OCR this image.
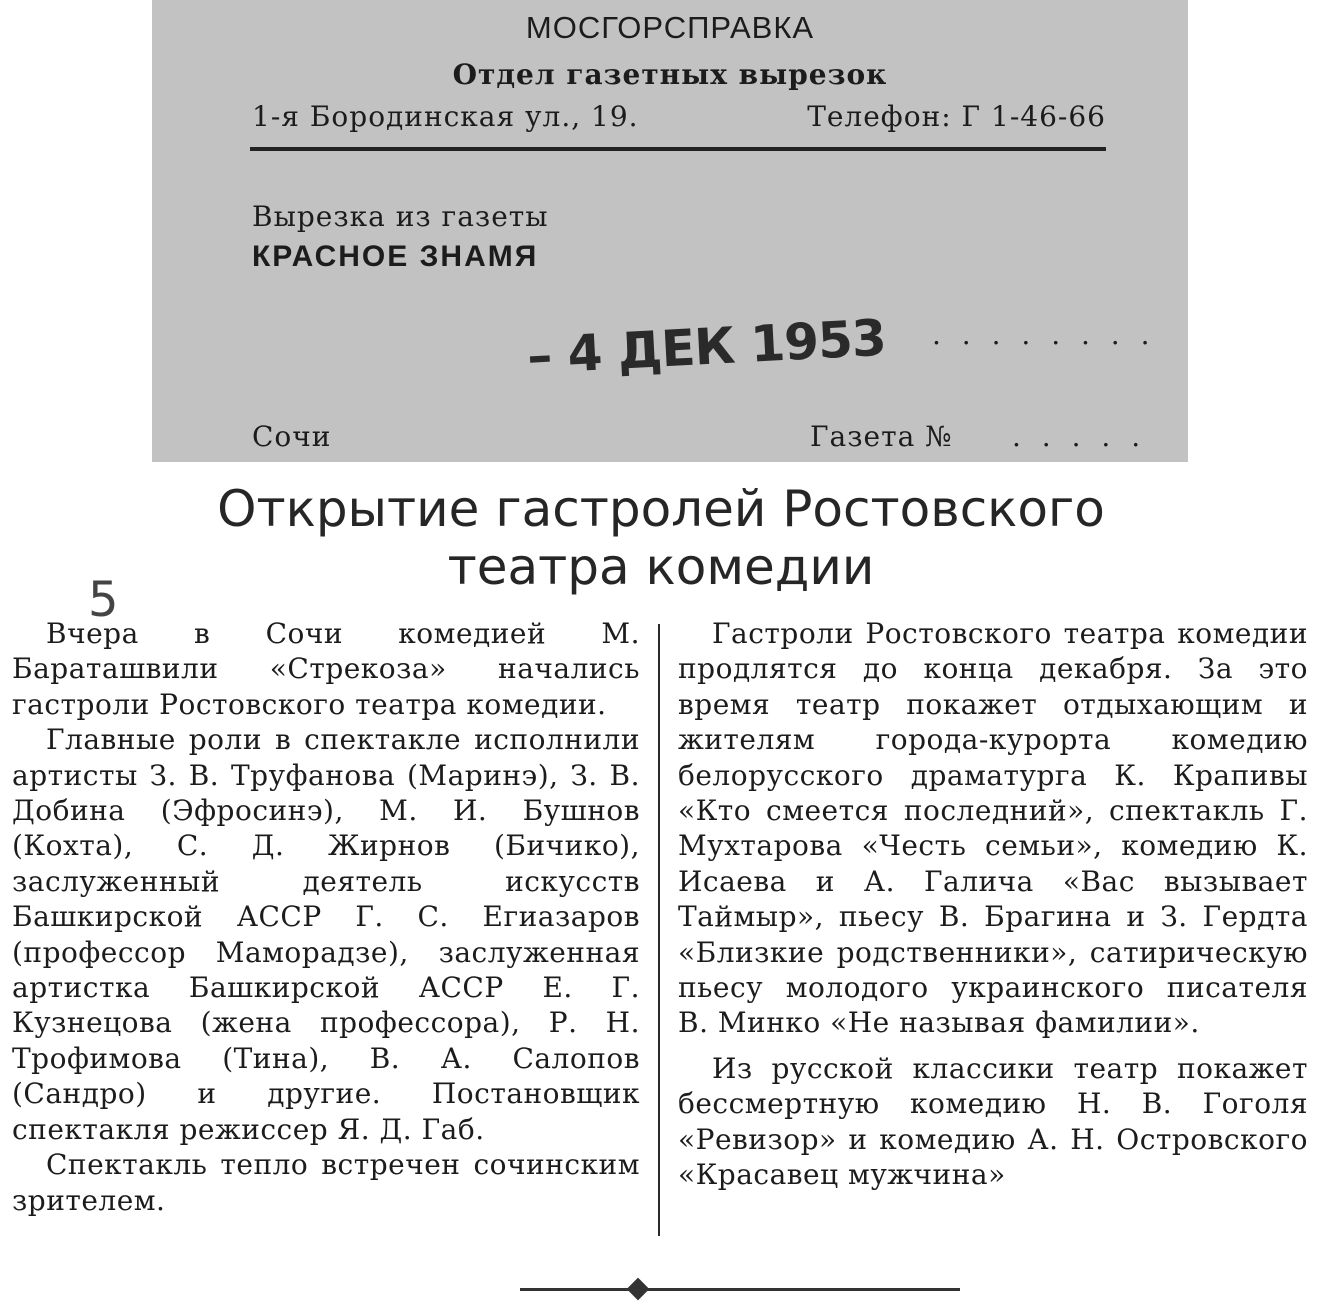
МОСГОРСПРАВКА
Отдел газетных вырезок
1-я Бородинская ул., 19.	Телефон: Г 1-46-66
Вырезка из газеты
КРАСНОЕ ЗНАМЯ
– 4 ДЕК 1953 . . . . . . . .
Сочи	Газета № . . . . .
Открытие гастролей Ростовского
театра комедии
5

Вчера в Сочи комедией М. Бараташвили «Стрекоза» начались гастроли Ростовского театра комедии.

Главные роли в спектакле исполнили артисты З. В. Труфанова (Маринэ), З. В. Добина (Эфросинэ), М. И. Бушнов (Кохта), С. Д. Жирнов (Бичико), заслуженный деятель искусств Башкирской АССР Г. С. Егиазаров (профессор Маморадзе), заслуженная артистка Башкирской АССР Е. Г. Кузнецова (жена профессора), Р. Н. Трофимова (Тина), В. А. Салопов (Сандро) и другие. Постановщик спектакля режиссер Я. Д. Габ.

Спектакль тепло встречен сочинским зрителем.

Гастроли Ростовского театра комедии продлятся до конца декабря. За это время театр покажет отдыхающим и жителям города-курорта комедию белорусского драматурга К. Крапивы «Кто смеется последний», спектакль Г. Мухтарова «Честь семьи», комедию К. Исаева и А. Галича «Вас вызывает Таймыр», пьесу В. Брагина и З. Гердта «Близкие родственники», сатирическую пьесу молодого украинского писателя В. Минко «Не называя фамилии».

Из русской классики театр покажет бессмертную комедию Н. В. Гоголя «Ревизор» и комедию А. Н. Островского «Красавец мужчина»
